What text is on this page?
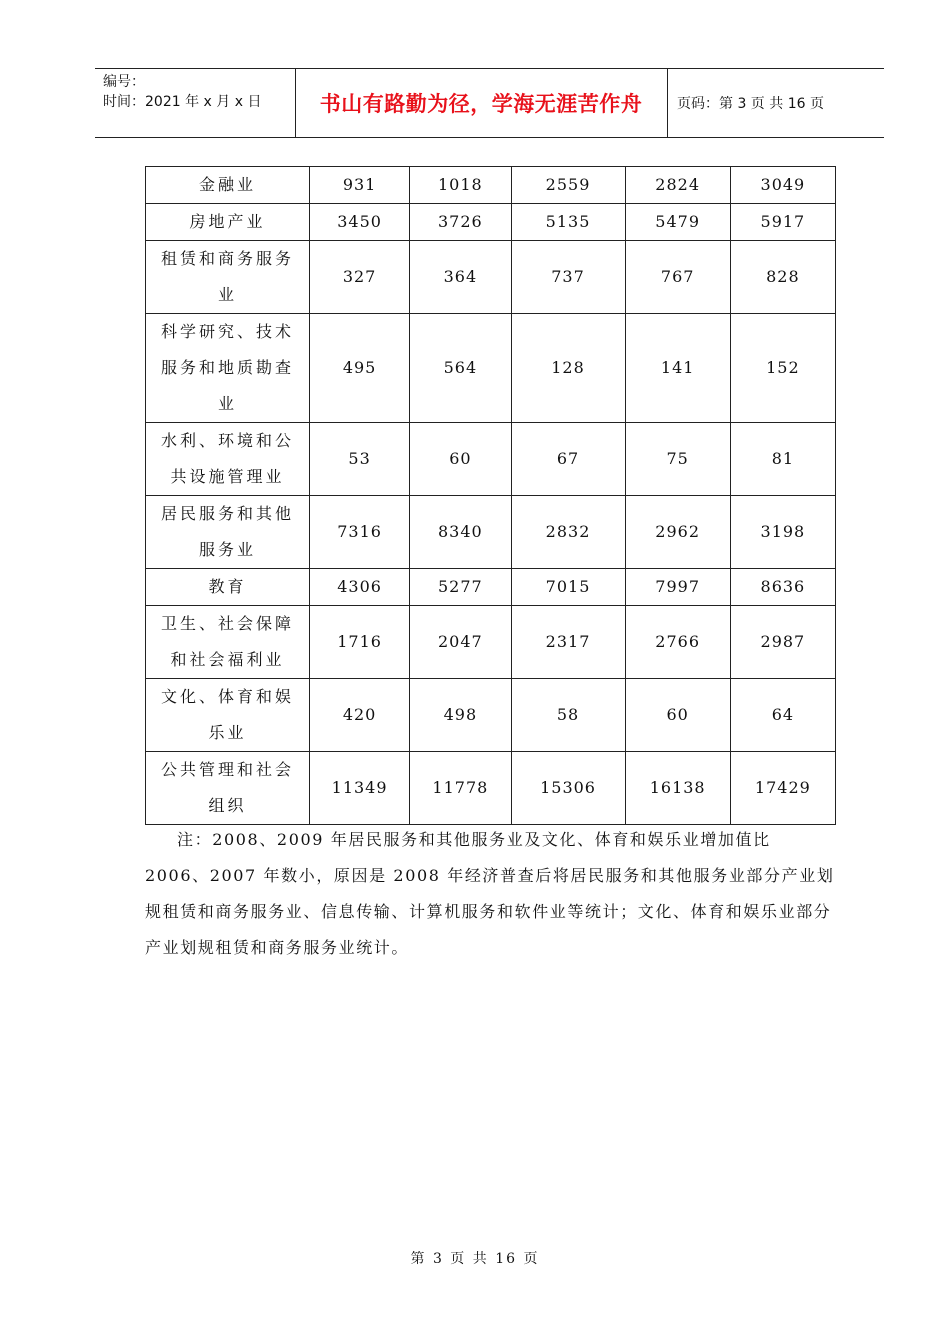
编号：
时间：2021 年 x 月 x 日	书山有路勤为径，学海无涯苦作舟 页码：第 3 页 共 16 页
金融业	931	1018	2559	2824	3049

房地产业	3450	3726	5135	5479	5917

租赁和商务服务
业	327	364	737	767	828

科学研究、技术
服务和地质勘查
业	495	564	128	141	152

水利、环境和公
共设施管理业	53	60	67	75	81

居民服务和其他
服务业	7316	8340	2832	2962	3198

教育	4306	5277	7015	7997	8636

卫生、社会保障
和社会福利业	1716	2047	2317	2766	2987

文化、体育和娱
乐业	420	498	58	60	64

公共管理和社会
组织	11349	11778	15306	16138	17429

注：2008、2009 年居民服务和其他服务业及文化、体育和娱乐业增加值比 2006、2007 年数小，原因是 2008 年经济普查后将居民服务和其他服务业部分产业划规租赁和商务服务业、信息传输、计算机服务和软件业等统计；文化、体育和娱乐业部分产业划规租赁和商务服务业统计。

第 3 页 共 16 页
